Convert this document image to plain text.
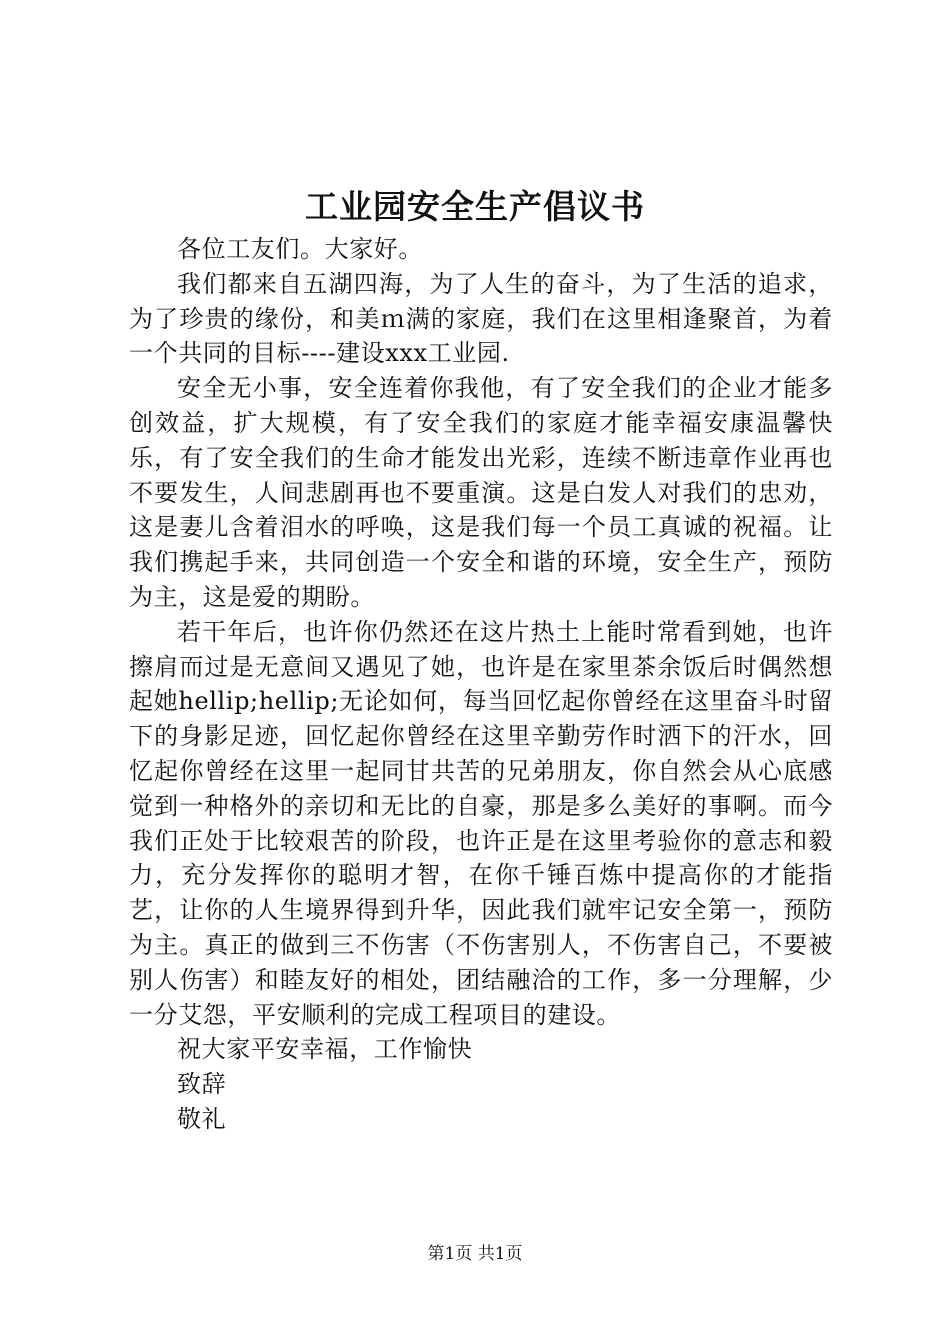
工业园安全生产倡议书

各位工友们。大家好。

我们都来自五湖四海，为了人生的奋斗，为了生活的追求，为了珍贵的缘份，和美ｍ满的家庭，我们在这里相逢聚首，为着一个共同的目标----建设xxx工业园.

安全无小事，安全连着你我他，有了安全我们的企业才能多创效益，扩大规模，有了安全我们的家庭才能幸福安康温馨快乐，有了安全我们的生命才能发出光彩，连续不断违章作业再也不要发生，人间悲剧再也不要重演。这是白发人对我们的忠劝，这是妻儿含着泪水的呼唤，这是我们每一个员工真诚的祝福。让我们携起手来，共同创造一个安全和谐的环境，安全生产，预防为主，这是爱的期盼。

若干年后，也许你仍然还在这片热土上能时常看到她，也许擦肩而过是无意间又遇见了她，也许是在家里茶余饭后时偶然想起她hellip;hellip;无论如何，每当回忆起你曾经在这里奋斗时留下的身影足迹，回忆起你曾经在这里辛勤劳作时洒下的汗水，回忆起你曾经在这里一起同甘共苦的兄弟朋友，你自然会从心底感觉到一种格外的亲切和无比的自豪，那是多么美好的事啊。而今我们正处于比较艰苦的阶段，也许正是在这里考验你的意志和毅力，充分发挥你的聪明才智，在你千锤百炼中提高你的才能指艺，让你的人生境界得到升华，因此我们就牢记安全第一，预防为主。真正的做到三不伤害（不伤害别人，不伤害自己，不要被别人伤害）和睦友好的相处，团结融洽的工作，多一分理解，少一分艾怨，平安顺利的完成工程项目的建设。

祝大家平安幸福，工作愉快

致辞

敬礼

第1页 共1页
